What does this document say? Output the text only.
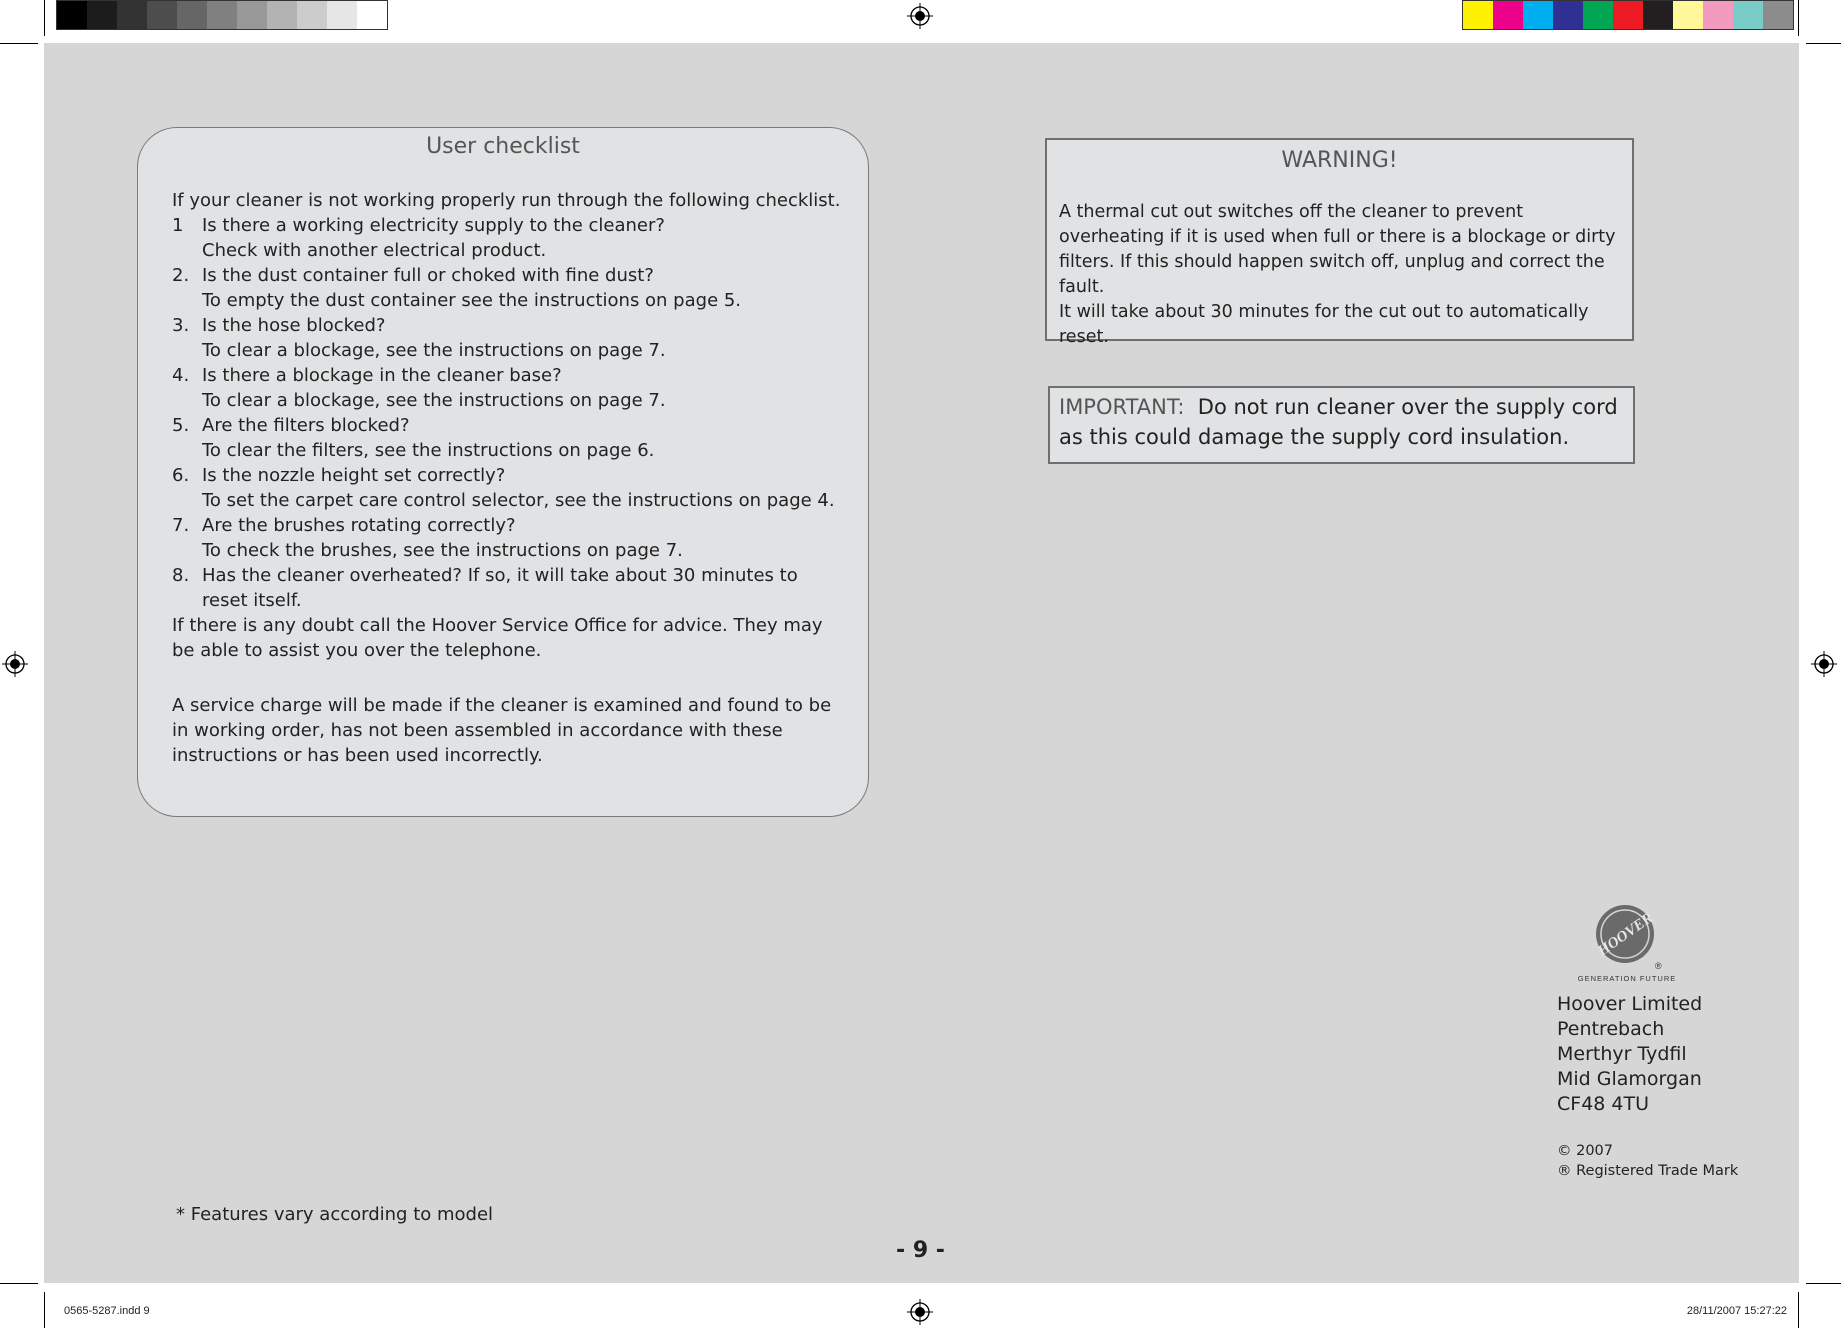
User checklist

If your cleaner is not working properly run through the following checklist.

1 Is there a working electricity supply to the cleaner?
Check with another electrical product.
2. Is the dust container full or choked with fine dust?
To empty the dust container see the instructions on page 5.
3. Is the hose blocked?
To clear a blockage, see the instructions on page 7.
4. Is there a blockage in the cleaner base?
To clear a blockage, see the instructions on page 7.
5. Are the filters blocked?
To clear the filters, see the instructions on page 6.
6. Is the nozzle height set correctly?
To set the carpet care control selector, see the instructions on page 4.
7. Are the brushes rotating correctly?
To check the brushes, see the instructions on page 7.
8. Has the cleaner overheated? If so, it will take about 30 minutes to reset itself.

If there is any doubt call the Hoover Service Office for advice. They may be able to assist you over the telephone.

A service charge will be made if the cleaner is examined and found to be in working order, has not been assembled in accordance with these instructions or has been used incorrectly.

WARNING!

A thermal cut out switches off the cleaner to prevent overheating if it is used when full or there is a blockage or dirty filters. If this should happen switch off, unplug and correct the fault.

It will take about 30 minutes for the cut out to automatically reset.

IMPORTANT: Do not run cleaner over the supply cord as this could damage the supply cord insulation.
HOOVER
®
GENERATION FUTURE

Hoover Limited

Pentrebach

Merthyr Tydfil

Mid Glamorgan

CF48 4TU

© 2007

® Registered Trade Mark

* Features vary according to model
- 9 -
0565-5287.indd 9	28/11/2007 15:27:22
